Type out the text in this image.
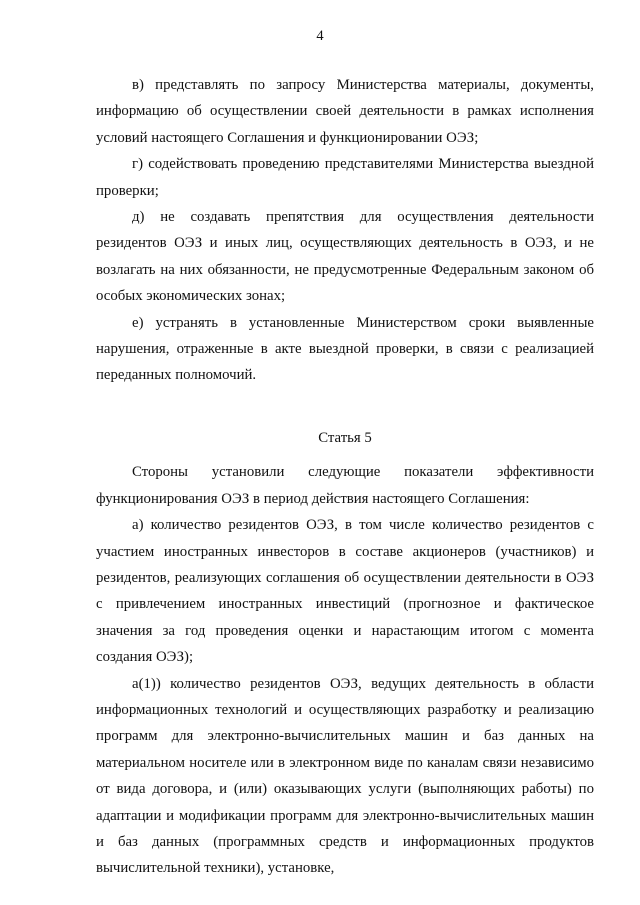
4

в) представлять по запросу Министерства материалы, документы, информацию об осуществлении своей деятельности в рамках исполнения условий настоящего Соглашения и функционировании ОЭЗ;

г) содействовать проведению представителями Министерства выездной проверки;

д) не создавать препятствия для осуществления деятельности резидентов ОЭЗ и иных лиц, осуществляющих деятельность в ОЭЗ, и не возлагать на них обязанности, не предусмотренные Федеральным законом об особых экономических зонах;

е) устранять в установленные Министерством сроки выявленные нарушения, отраженные в акте выездной проверки, в связи с реализацией переданных полномочий.

Статья 5

Стороны установили следующие показатели эффективности функционирования ОЭЗ в период действия настоящего Соглашения:

а) количество резидентов ОЭЗ, в том числе количество резидентов с участием иностранных инвесторов в составе акционеров (участников) и резидентов, реализующих соглашения об осуществлении деятельности в ОЭЗ с привлечением иностранных инвестиций (прогнозное и фактическое значения за год проведения оценки и нарастающим итогом с момента создания ОЭЗ);

а(1)) количество резидентов ОЭЗ, ведущих деятельность в области информационных технологий и осуществляющих разработку и реализацию программ для электронно-вычислительных машин и баз данных на материальном носителе или в электронном виде по каналам связи независимо от вида договора, и (или) оказывающих услуги (выполняющих работы) по адаптации и модификации программ для электронно-вычислительных машин и баз данных (программных средств и информационных продуктов вычислительной техники), установке,
